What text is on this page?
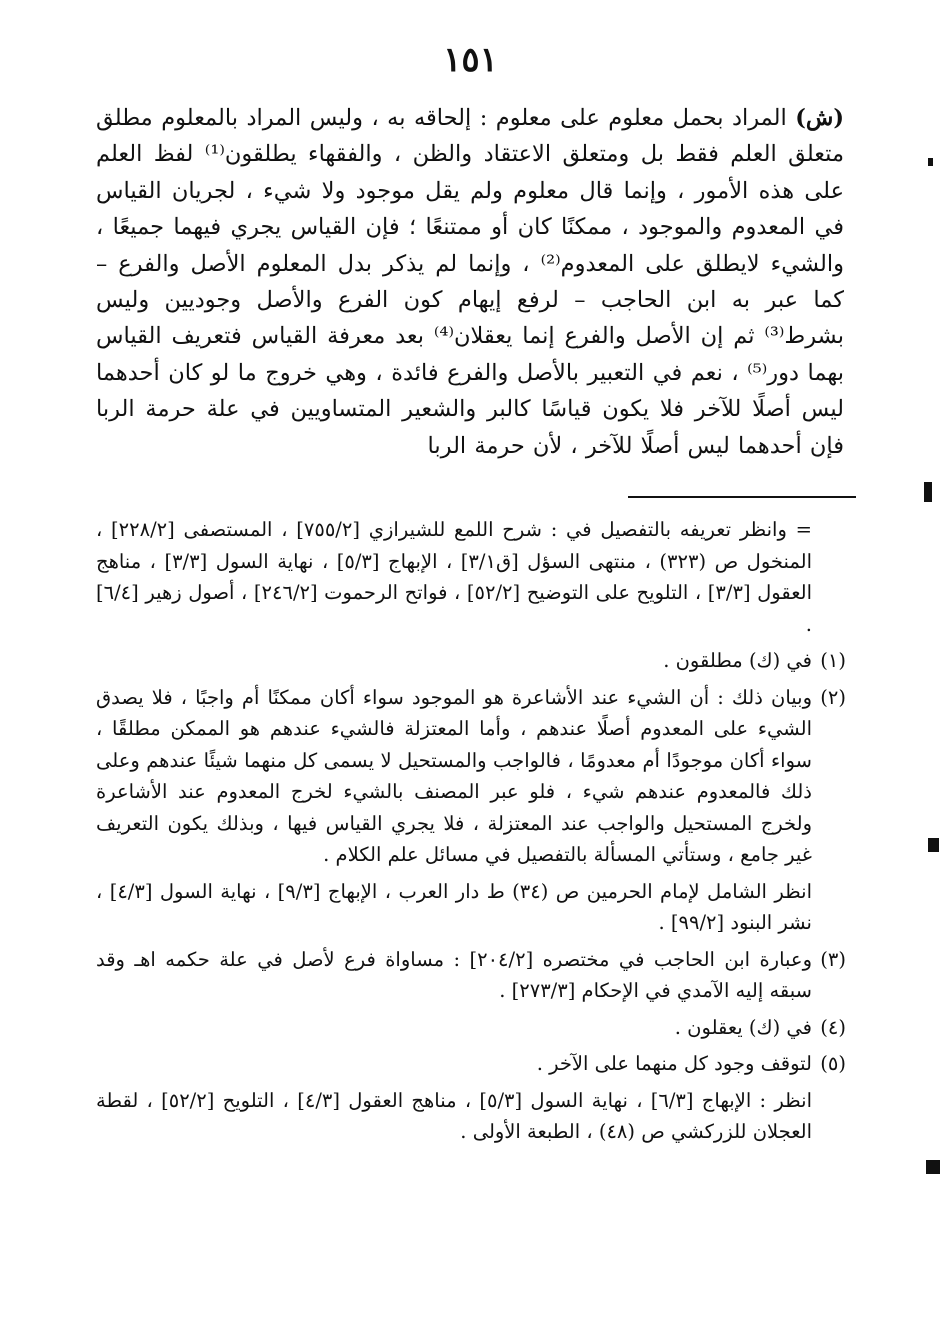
١٥١
(ش) المراد بحمل معلوم على معلوم : إلحاقه به ، وليس المراد بالمعلوم مطلق متعلق العلم فقط بل ومتعلق الاعتقاد والظن ، والفقهاء يطلقون⁽¹⁾ لفظ العلم على هذه الأمور ، وإنما قال معلوم ولم يقل موجود ولا شيء ، لجريان القياس في المعدوم والموجود ، ممكنًا كان أو ممتنعًا ؛ فإن القياس يجري فيهما جميعًا ، والشيء لايطلق على المعدوم⁽²⁾ ، وإنما لم يذكر بدل المعلوم الأصل والفرع – كما عبر به ابن الحاجب – لرفع إيهام كون الفرع والأصل وجوديين وليس بشرط⁽³⁾ ثم إن الأصل والفرع إنما يعقلان⁽⁴⁾ بعد معرفة القياس فتعريف القياس بهما دور⁽⁵⁾ ، نعم في التعبير بالأصل والفرع فائدة ، وهي خروج ما لو كان أحدهما ليس أصلًا للآخر فلا يكون قياسًا كالبر والشعير المتساويين في علة حرمة الربا فإن أحدهما ليس أصلًا للآخر ، لأن حرمة الربا

= وانظر تعريفه بالتفصيل في : شرح اللمع للشيرازي [٧٥٥/٢] ، المستصفى [٢٢٨/٢] ، المنخول ص (٣٢٣) ، منتهى السؤل [ق٣/١] ، الإبهاج [٥/٣] ، نهاية السول [٣/٣] ، مناهج العقول [٣/٣] ، التلويح على التوضيح [٥٢/٢] ، فواتح الرحموت [٢٤٦/٢] ، أصول زهير [٦/٤] .

(١)
في (ك) مطلقون .
(٢)
وبيان ذلك : أن الشيء عند الأشاعرة هو الموجود سواء أكان ممكنًا أم واجبًا ، فلا يصدق الشيء على المعدوم أصلًا عندهم ، وأما المعتزلة فالشيء عندهم هو الممكن مطلقًا ، سواء أكان موجودًا أم معدومًا ، فالواجب والمستحيل لا يسمى كل منهما شيئًا عندهم وعلى ذلك فالمعدوم عندهم شيء ، فلو عبر المصنف بالشيء لخرج المعدوم عند الأشاعرة ولخرج المستحيل والواجب عند المعتزلة ، فلا يجري القياس فيها ، وبذلك يكون التعريف غير جامع ، وستأتي المسألة بالتفصيل في مسائل علم الكلام .

انظر الشامل لإمام الحرمين ص (٣٤) ط دار العرب ، الإبهاج [٩/٣] ، نهاية السول [٤/٣] ، نشر البنود [٩٩/٢] .

(٣)
وعبارة ابن الحاجب في مختصره [٢٠٤/٢] : مساواة فرع لأصل في علة حكمه اهـ وقد سبقه إليه الآمدي في الإحكام [٢٧٣/٣] .
(٤)
في (ك) يعقلون .
(٥)
لتوقف وجود كل منهما على الآخر .

انظر : الإبهاج [٦/٣] ، نهاية السول [٥/٣] ، مناهج العقول [٤/٣] ، التلويح [٥٢/٢] ، لقطة العجلان للزركشي ص (٤٨) ، الطبعة الأولى .
